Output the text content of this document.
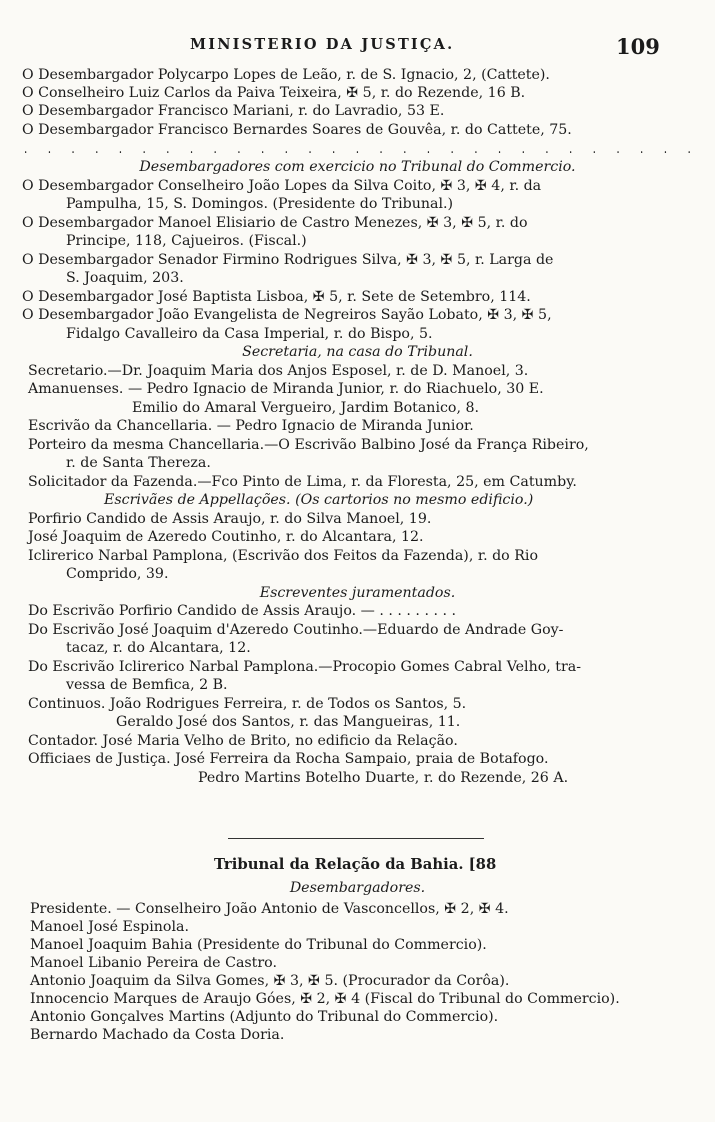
MINISTERIO DA JUSTIÇA.	109
O Desembargador Polycarpo Lopes de Leão, r. de S. Ignacio, 2, (Cattete).
O Conselheiro Luiz Carlos da Paiva Teixeira, ✠ 5, r. do Rezende, 16 B.
O Desembargador Francisco Mariani, r. do Lavradio, 53 E.
O Desembargador Francisco Bernardes Soares de Gouvêa, r. do Cattete, 75.
. . . . . . . . . . . . . . . . . . . . . . . . . . . . .
Desembargadores com exercicio no Tribunal do Commercio.
O Desembargador Conselheiro João Lopes da Silva Coito, ✠ 3, ✠ 4, r. da
Pampulha, 15, S. Domingos. (Presidente do Tribunal.)
O Desembargador Manoel Elisiario de Castro Menezes, ✠ 3, ✠ 5, r. do
Principe, 118, Cajueiros. (Fiscal.)
O Desembargador Senador Firmino Rodrigues Silva, ✠ 3, ✠ 5, r. Larga de
S. Joaquim, 203.
O Desembargador José Baptista Lisboa, ✠ 5, r. Sete de Setembro, 114.
O Desembargador João Evangelista de Negreiros Sayão Lobato, ✠ 3, ✠ 5,
Fidalgo Cavalleiro da Casa Imperial, r. do Bispo, 5.
Secretaria, na casa do Tribunal.
Secretario.—Dr. Joaquim Maria dos Anjos Esposel, r. de D. Manoel, 3.
Amanuenses. — Pedro Ignacio de Miranda Junior, r. do Riachuelo, 30 E.
Emilio do Amaral Vergueiro, Jardim Botanico, 8.
Escrivão da Chancellaria. — Pedro Ignacio de Miranda Junior.
Porteiro da mesma Chancellaria.—O Escrivão Balbino José da França Ribeiro,
r. de Santa Thereza.
Solicitador da Fazenda.—Fco Pinto de Lima, r. da Floresta, 25, em Catumby.
Escrivães de Appellações. (Os cartorios no mesmo edificio.)
Porfirio Candido de Assis Araujo, r. do Silva Manoel, 19.
José Joaquim de Azeredo Coutinho, r. do Alcantara, 12.
Iclirerico Narbal Pamplona, (Escrivão dos Feitos da Fazenda), r. do Rio
Comprido, 39.
Escreventes juramentados.
Do Escrivão Porfirio Candido de Assis Araujo. — . . . . . . . . .
Do Escrivão José Joaquim d'Azeredo Coutinho.—Eduardo de Andrade Goy-
tacaz, r. do Alcantara, 12.
Do Escrivão Iclirerico Narbal Pamplona.—Procopio Gomes Cabral Velho, tra-
vessa de Bemfica, 2 B.
Continuos. João Rodrigues Ferreira, r. de Todos os Santos, 5.
Geraldo José dos Santos, r. das Mangueiras, 11.
Contador. José Maria Velho de Brito, no edificio da Relação.
Officiaes de Justiça. José Ferreira da Rocha Sampaio, praia de Botafogo.
Pedro Martins Botelho Duarte, r. do Rezende, 26 A.
Tribunal da Relação da Bahia. [88
Desembargadores.
Presidente. — Conselheiro João Antonio de Vasconcellos, ✠ 2, ✠ 4.
Manoel José Espinola.
Manoel Joaquim Bahia (Presidente do Tribunal do Commercio).
Manoel Libanio Pereira de Castro.
Antonio Joaquim da Silva Gomes, ✠ 3, ✠ 5. (Procurador da Corôa).
Innocencio Marques de Araujo Góes, ✠ 2, ✠ 4 (Fiscal do Tribunal do Commercio).
Antonio Gonçalves Martins (Adjunto do Tribunal do Commercio).
Bernardo Machado da Costa Doria.
